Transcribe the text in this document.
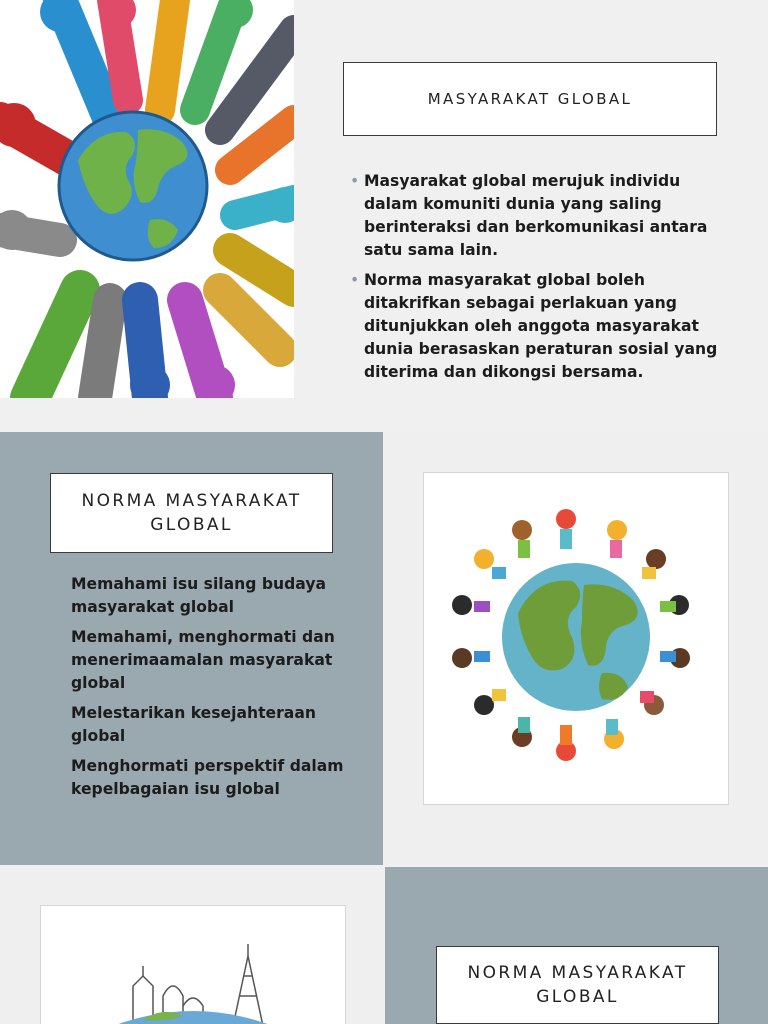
MASYARAKAT GLOBAL
• Masyarakat global merujuk individu dalam komuniti dunia yang saling berinteraksi dan berkomunikasi antara satu sama lain.
• Norma masyarakat global boleh ditakrifkan sebagai perlakuan yang ditunjukkan oleh anggota masyarakat dunia berasaskan peraturan sosial yang diterima dan dikongsi bersama.
NORMA MASYARAKAT
GLOBAL
Memahami isu silang budaya masyarakat global
Memahami, menghormati dan menerimaamalan masyarakat global
Melestarikan kesejahteraan global
Menghormati perspektif dalam kepelbagaian isu global
NORMA MASYARAKAT
GLOBAL
